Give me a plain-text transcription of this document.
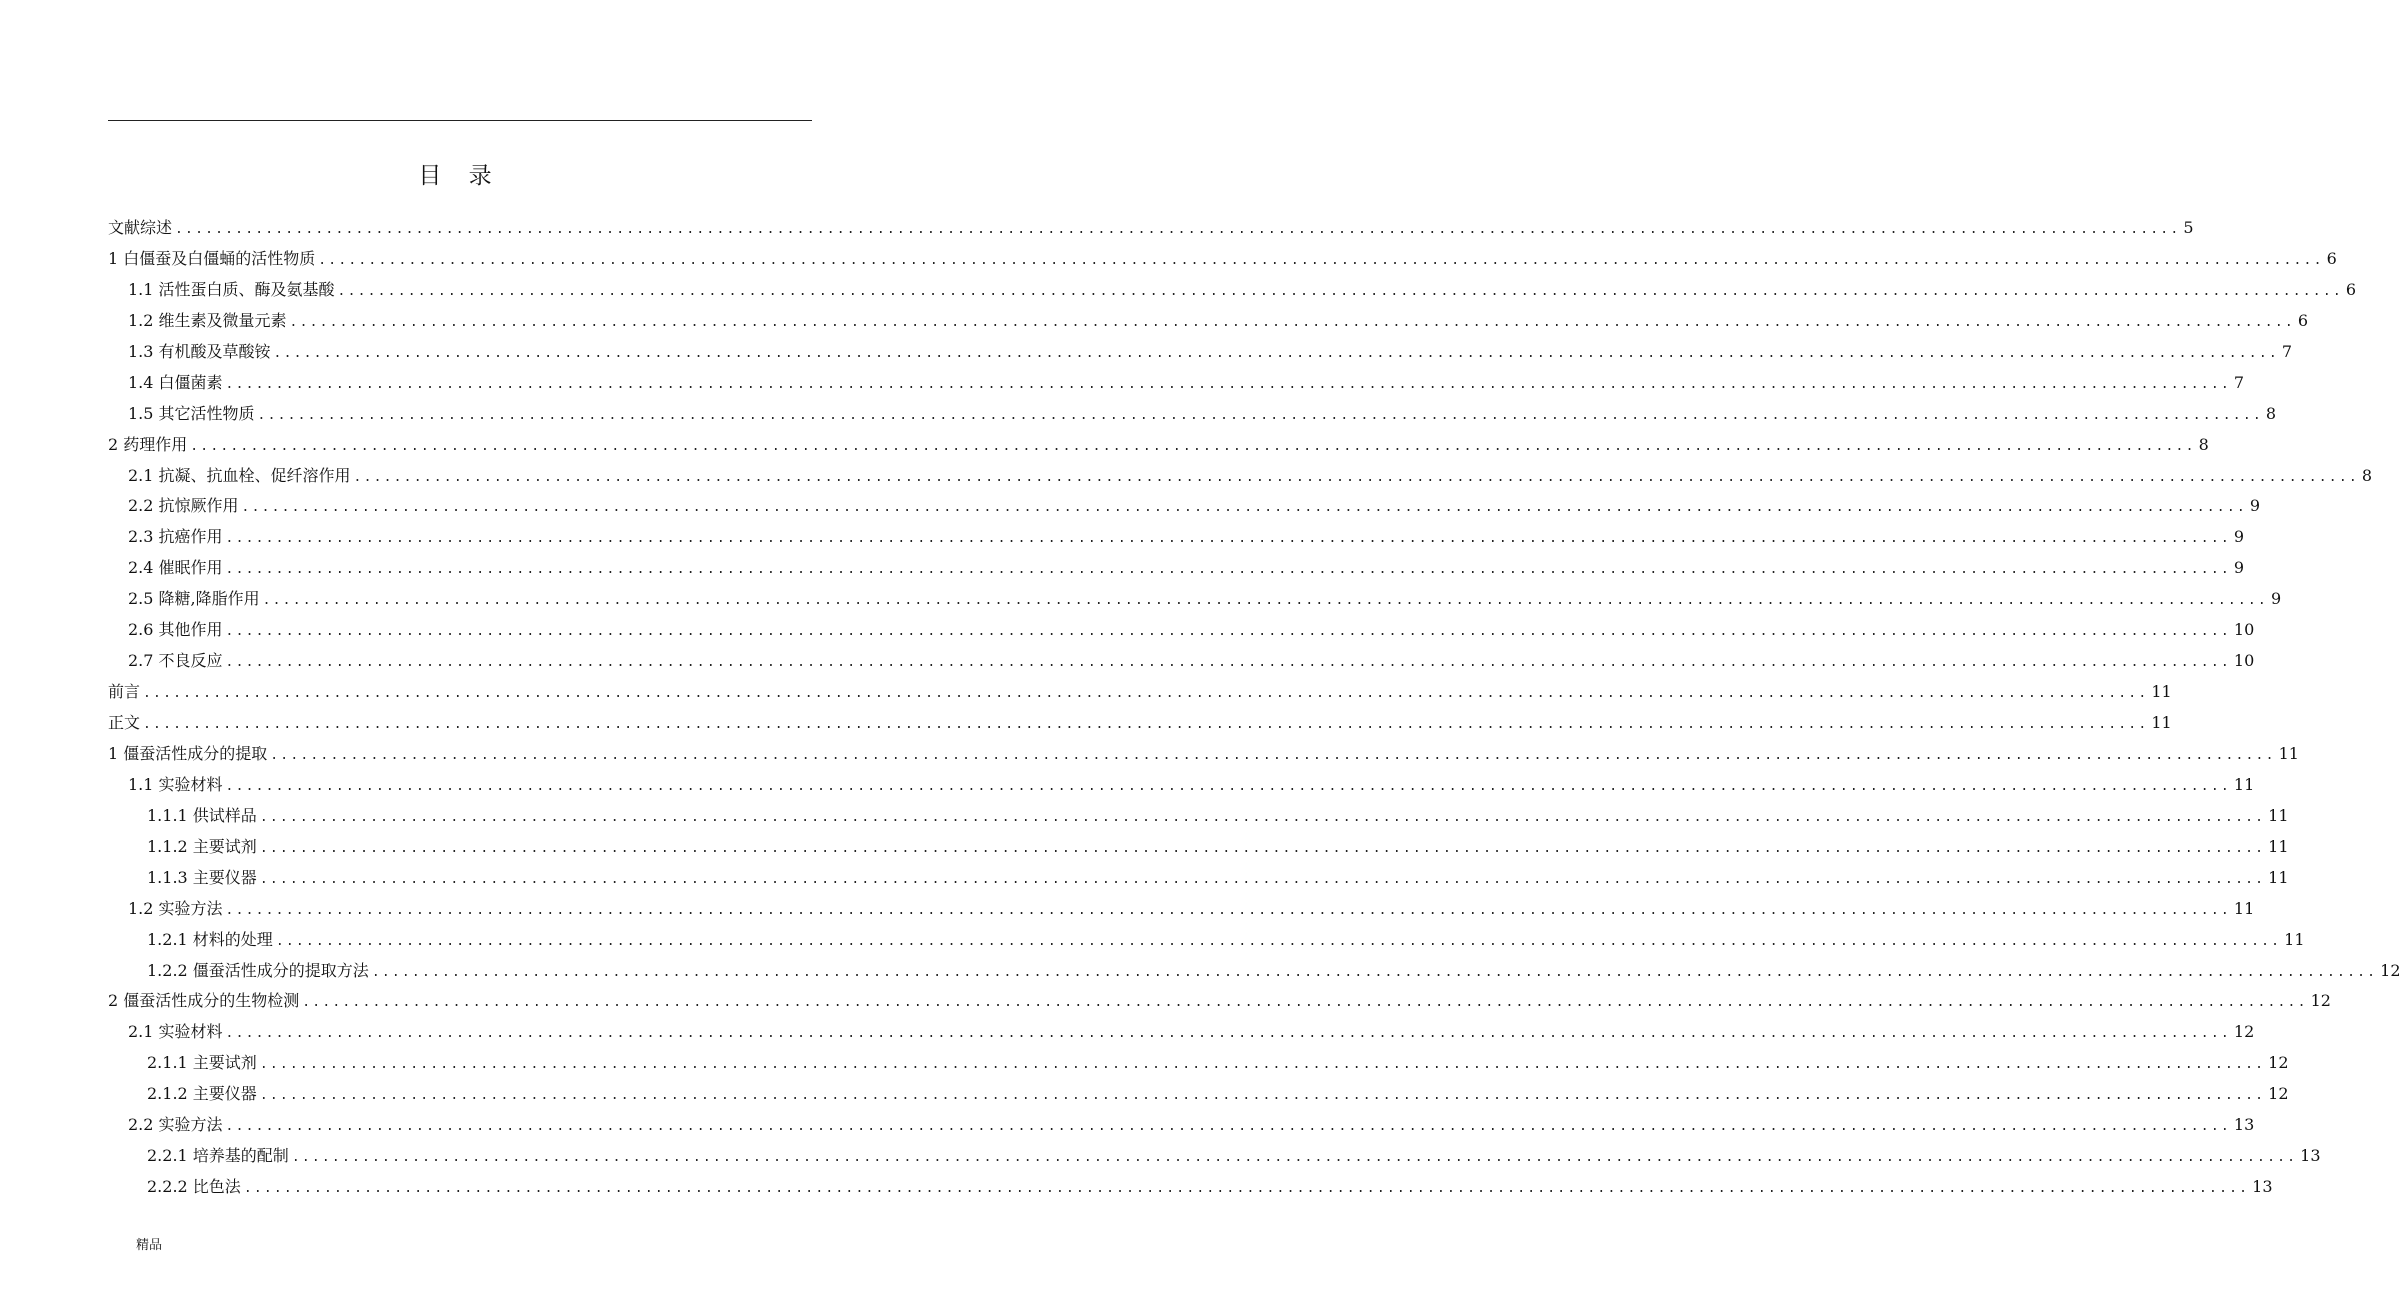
目 录
文献综述 ........................................................................................................................................................................................................ 5
1 白僵蚕及白僵蛹的活性物质 ........................................................................................................................................................................................................ 6
1.1 活性蛋白质、酶及氨基酸 ........................................................................................................................................................................................................ 6
1.2 维生素及微量元素 ........................................................................................................................................................................................................ 6
1.3 有机酸及草酸铵 ........................................................................................................................................................................................................ 7
1.4 白僵菌素 ........................................................................................................................................................................................................ 7
1.5 其它活性物质 ........................................................................................................................................................................................................ 8
2 药理作用 ........................................................................................................................................................................................................ 8
2.1 抗凝、抗血栓、促纤溶作用 ........................................................................................................................................................................................................ 8
2.2 抗惊厥作用 ........................................................................................................................................................................................................ 9
2.3 抗癌作用 ........................................................................................................................................................................................................ 9
2.4 催眠作用 ........................................................................................................................................................................................................ 9
2.5 降糖,降脂作用 ........................................................................................................................................................................................................ 9
2.6 其他作用 ........................................................................................................................................................................................................ 10
2.7 不良反应 ........................................................................................................................................................................................................ 10
前言 ........................................................................................................................................................................................................ 11
正文 ........................................................................................................................................................................................................ 11
1 僵蚕活性成分的提取 ........................................................................................................................................................................................................ 11
1.1 实验材料 ........................................................................................................................................................................................................ 11
1.1.1 供试样品 ........................................................................................................................................................................................................ 11
1.1.2 主要试剂 ........................................................................................................................................................................................................ 11
1.1.3 主要仪器 ........................................................................................................................................................................................................ 11
1.2 实验方法 ........................................................................................................................................................................................................ 11
1.2.1 材料的处理 ........................................................................................................................................................................................................ 11
1.2.2 僵蚕活性成分的提取方法 ........................................................................................................................................................................................................ 12
2 僵蚕活性成分的生物检测 ........................................................................................................................................................................................................ 12
2.1 实验材料 ........................................................................................................................................................................................................ 12
2.1.1 主要试剂 ........................................................................................................................................................................................................ 12
2.1.2 主要仪器 ........................................................................................................................................................................................................ 12
2.2 实验方法 ........................................................................................................................................................................................................ 13
2.2.1 培养基的配制 ........................................................................................................................................................................................................ 13
2.2.2 比色法 ........................................................................................................................................................................................................ 13
精品
